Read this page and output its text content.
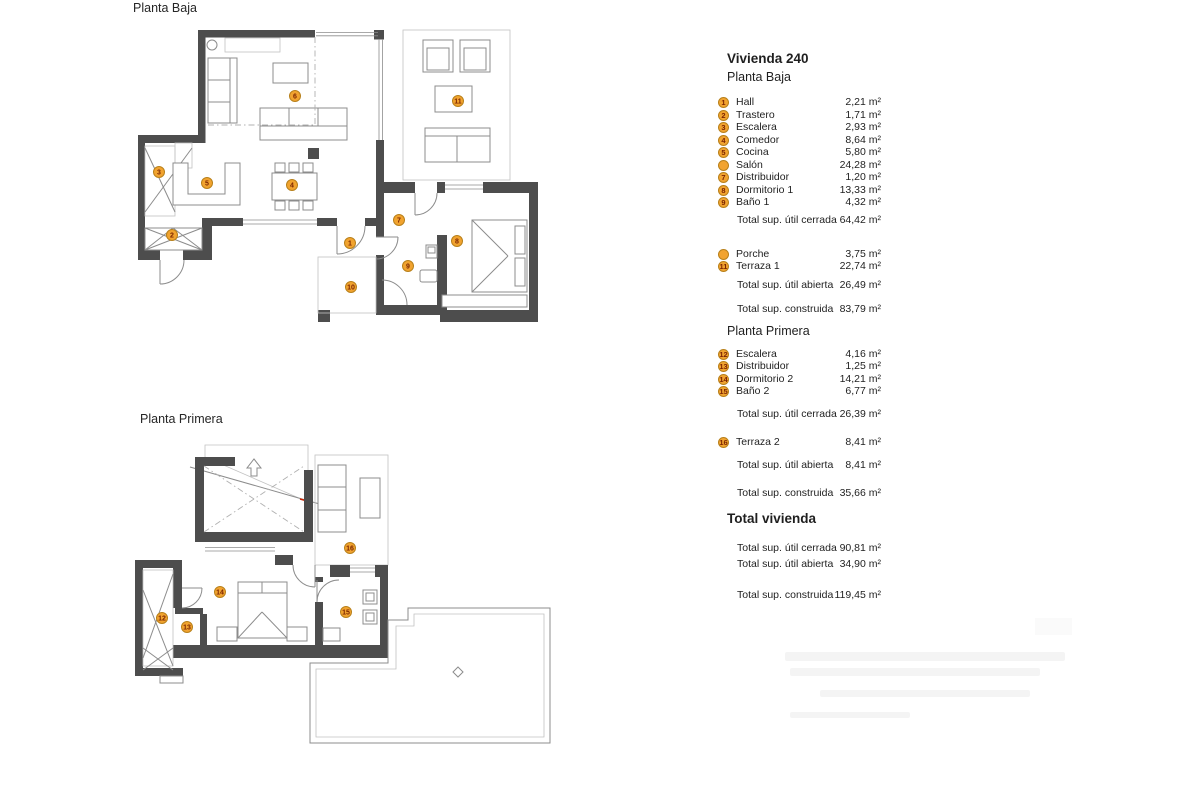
Planta Baja
1
2
3
4
5
6
7
8
9
10
11
Planta Primera
12
13
14
15
16
Vivienda 240
Planta Baja
1 Hall	2,21 m²
2 Trastero	1,71 m²
3 Escalera	2,93 m²
4 Comedor	8,64 m²
5 Cocina	5,80 m²
Salón	24,28 m²
7 Distribuidor	1,20 m²
8 Dormitorio 1	13,33 m²
9 Baño 1	4,32 m²
Total sup. útil cerrada 64,42 m²
Porche	3,75 m²
11 Terraza 1	22,74 m²
Total sup. útil abierta 26,49 m²
Total sup. construida 83,79 m²
Planta Primera
12 Escalera	4,16 m²
13 Distribuidor	1,25 m²
14 Dormitorio 2	14,21 m²
15 Baño 2	6,77 m²
Total sup. útil cerrada 26,39 m²
16 Terraza 2	8,41 m²
Total sup. útil abierta 8,41 m²
Total sup. construida 35,66 m²
Total vivienda
Total sup. útil cerrada 90,81 m²
Total sup. útil abierta 34,90 m²
Total sup. construida 119,45 m²
